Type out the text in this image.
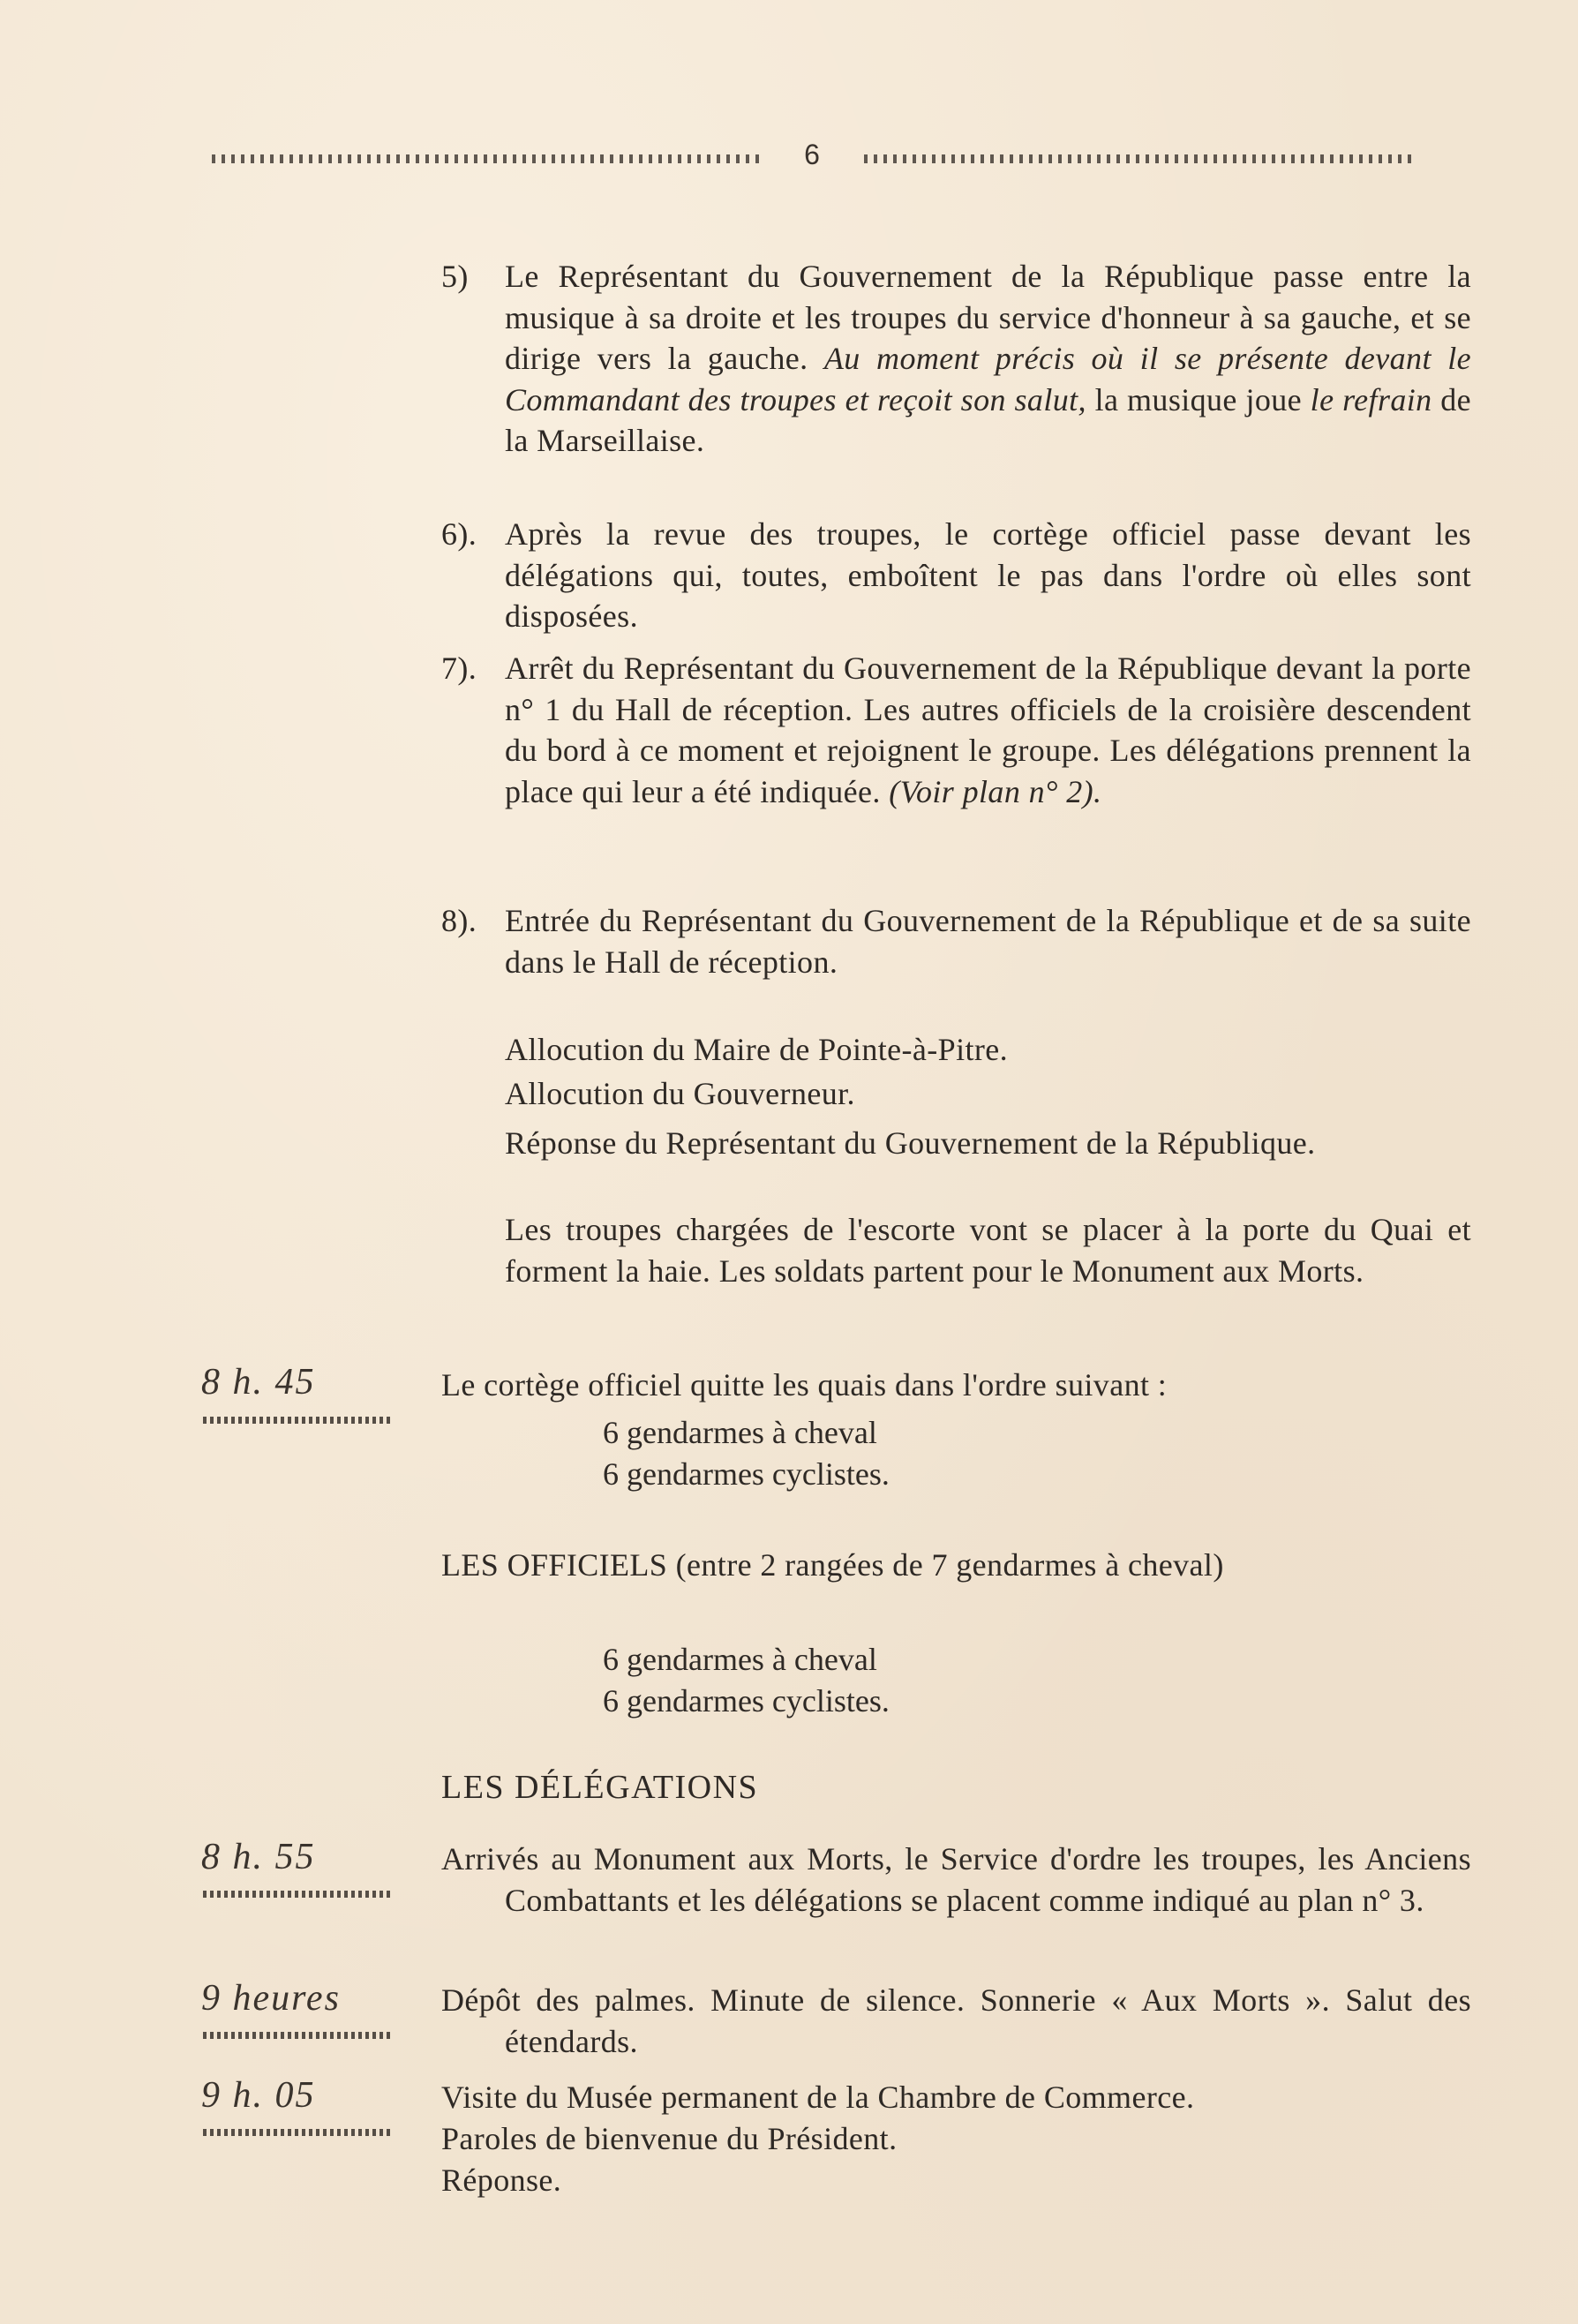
6
5) Le Représentant du Gouvernement de la République passe entre la musique à sa droite et les troupes du service d'honneur à sa gauche, et se dirige vers la gauche. Au moment précis où il se présente devant le Commandant des troupes et reçoit son salut, la musique joue le refrain de la Marseillaise.
6). Après la revue des troupes, le cortège officiel passe devant les délégations qui, toutes, emboîtent le pas dans l'ordre où elles sont disposées.
7). Arrêt du Représentant du Gouvernement de la République devant la porte n° 1 du Hall de réception. Les autres officiels de la croisière descendent du bord à ce moment et rejoignent le groupe. Les délégations prennent la place qui leur a été indiquée. (Voir plan n° 2).
8). Entrée du Représentant du Gouvernement de la République et de sa suite dans le Hall de réception.
Allocution du Maire de Pointe-à-Pitre.
Allocution du Gouverneur.
Réponse du Représentant du Gouvernement de la République.
Les troupes chargées de l'escorte vont se placer à la porte du Quai et forment la haie. Les soldats partent pour le Monument aux Morts.
8 h. 45	Le cortège officiel quitte les quais dans l'ordre suivant :
6 gendarmes à cheval
6 gendarmes cyclistes.
LES OFFICIELS (entre 2 rangées de 7 gendarmes à cheval)
6 gendarmes à cheval
6 gendarmes cyclistes.
LES DÉLÉGATIONS
8 h. 55	Arrivés au Monument aux Morts, le Service d'ordre les troupes, les Anciens Combattants et les délégations se placent comme indiqué au plan n° 3.
9 heures	Dépôt des palmes. Minute de silence. Sonnerie « Aux Morts ». Salut des étendards.
9 h. 05	Visite du Musée permanent de la Chambre de Commerce.
Paroles de bienvenue du Président.
Réponse.
